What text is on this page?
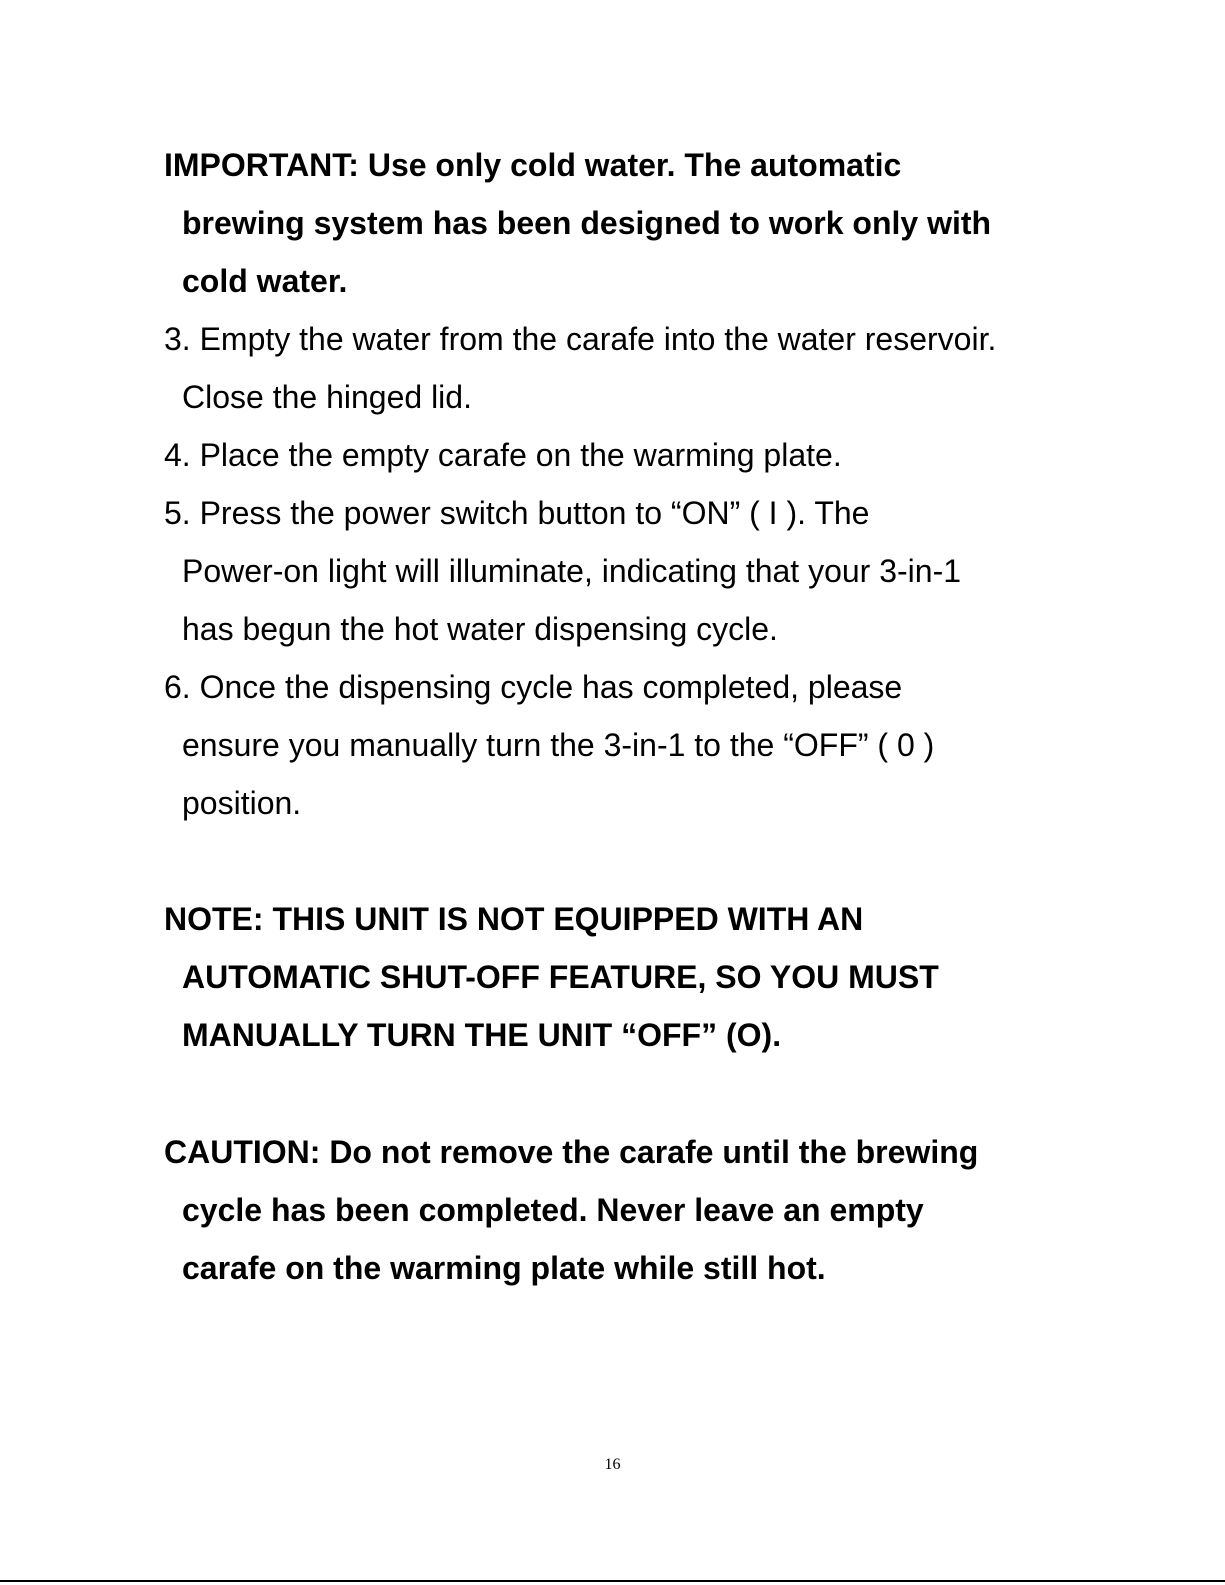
IMPORTANT: Use only cold water. The automatic
brewing system has been designed to work only with
cold water.
3. Empty the water from the carafe into the water reservoir.
Close the hinged lid.
4. Place the empty carafe on the warming plate.
5. Press the power switch button to “ON” ( I ). The
Power-on light will illuminate, indicating that your 3-in-1
has begun the hot water dispensing cycle.
6. Once the dispensing cycle has completed, please
ensure you manually turn the 3-in-1 to the “OFF” ( 0 )
position.
NOTE: THIS UNIT IS NOT EQUIPPED WITH AN
AUTOMATIC SHUT-OFF FEATURE, SO YOU MUST
MANUALLY TURN THE UNIT “OFF” (O).
CAUTION: Do not remove the carafe until the brewing
cycle has been completed. Never leave an empty
carafe on the warming plate while still hot.
16
